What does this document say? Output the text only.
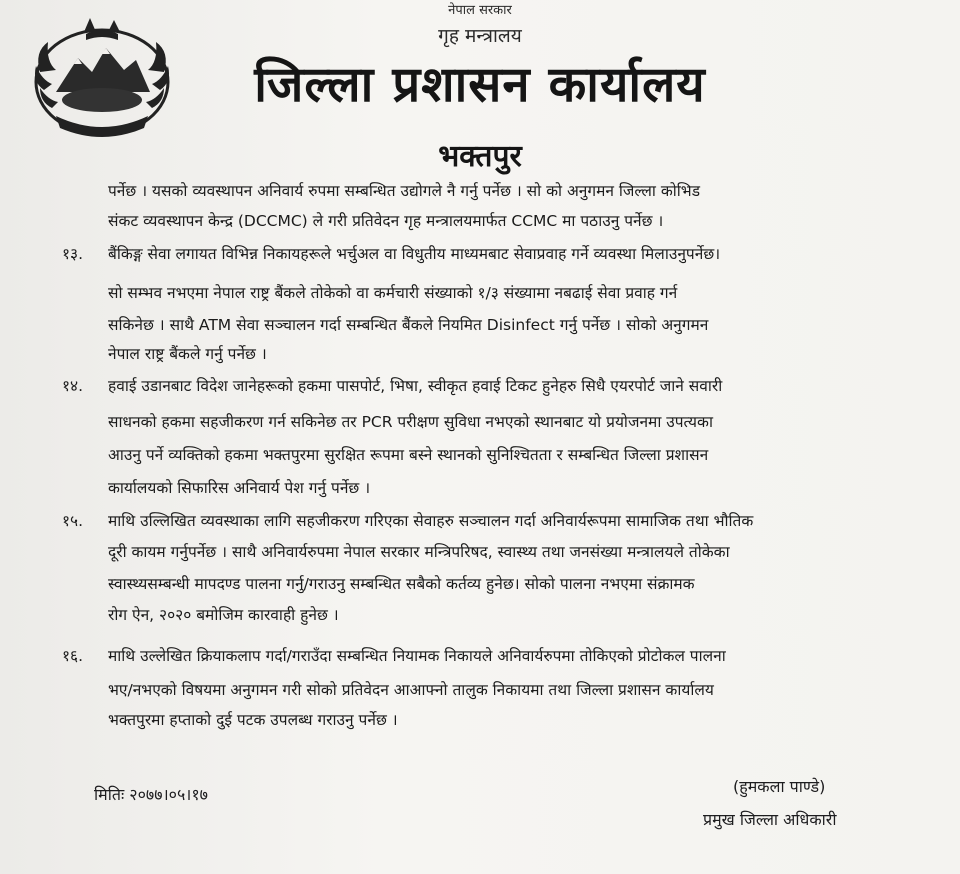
नेपाल सरकार
गृह मन्त्रालय
जिल्ला प्रशासन कार्यालय
भक्तपुर
पर्नेछ । यसको व्यवस्थापन अनिवार्य रुपमा सम्बन्धित उद्योगले नै गर्नु पर्नेछ । सो को अनुगमन जिल्ला कोभिड
संकट व्यवस्थापन केन्द्र (DCCMC) ले गरी प्रतिवेदन गृह मन्त्रालयमार्फत CCMC मा पठाउनु पर्नेछ ।
१३. बैंकिङ्ग सेवा लगायत विभिन्न निकायहरूले भर्चुअल वा विधुतीय माध्यमबाट सेवाप्रवाह गर्ने व्यवस्था मिलाउनुपर्नेछ।
सो सम्भव नभएमा नेपाल राष्ट्र बैंकले तोकेको वा कर्मचारी संख्याको १/३ संख्यामा नबढाई सेवा प्रवाह गर्न
सकिनेछ । साथै ATM सेवा सञ्चालन गर्दा सम्बन्धित बैंकले नियमित Disinfect गर्नु पर्नेछ । सोको अनुगमन
नेपाल राष्ट्र बैंकले गर्नु पर्नेछ ।
१४. हवाई उडानबाट विदेश जानेहरूको हकमा पासपोर्ट, भिषा, स्वीकृत हवाई टिकट हुनेहरु सिधै एयरपोर्ट जाने सवारी
साधनको हकमा सहजीकरण गर्न सकिनेछ तर PCR परीक्षण सुविधा नभएको स्थानबाट यो प्रयोजनमा उपत्यका
आउनु पर्ने व्यक्तिको हकमा भक्तपुरमा सुरक्षित रूपमा बस्ने स्थानको सुनिश्चितता र सम्बन्धित जिल्ला प्रशासन
कार्यालयको सिफारिस अनिवार्य पेश गर्नु पर्नेछ ।
१५. माथि उल्लिखित व्यवस्थाका लागि सहजीकरण गरिएका सेवाहरु सञ्चालन गर्दा अनिवार्यरूपमा सामाजिक तथा भौतिक
दूरी कायम गर्नुपर्नेछ । साथै अनिवार्यरुपमा नेपाल सरकार मन्त्रिपरिषद, स्वास्थ्य तथा जनसंख्या मन्त्रालयले तोकेका
स्वास्थ्यसम्बन्धी मापदण्ड पालना गर्नु/गराउनु सम्बन्धित सबैको कर्तव्य हुनेछ। सोको पालना नभएमा संक्रामक
रोग ऐन, २०२० बमोजिम कारवाही हुनेछ ।
१६. माथि उल्लेखित क्रियाकलाप गर्दा/गराउँदा सम्बन्धित नियामक निकायले अनिवार्यरुपमा तोकिएको प्रोटोकल पालना
भए/नभएको विषयमा अनुगमन गरी सोको प्रतिवेदन आआफ्नो तालुक निकायमा तथा जिल्ला प्रशासन कार्यालय
भक्तपुरमा हप्ताको दुई पटक उपलब्ध गराउनु पर्नेछ ।
मितिः २०७७।०५।१७	(हुमकला पाण्डे)
प्रमुख जिल्ला अधिकारी
